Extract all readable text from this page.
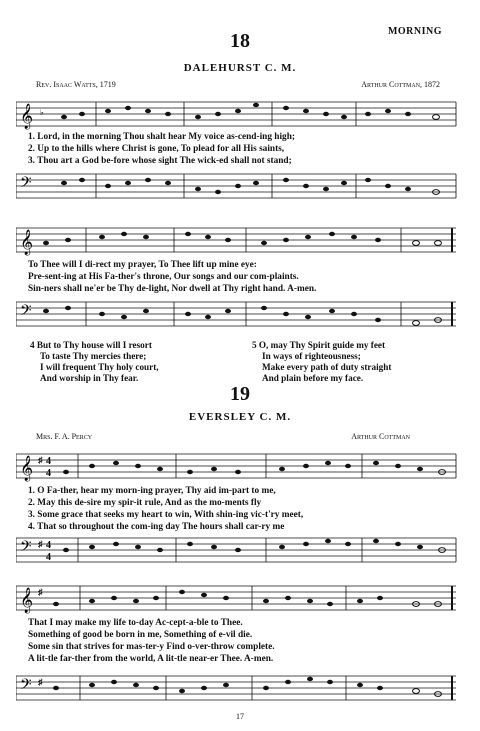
MORNING
18
DALEHURST C. M.
Rev. Isaac Watts, 1719	Arthur Cottman, 1872
𝄞 ♭
1. Lord, in the morning Thou shalt hear My voice as-cend-ing high;
2. Up to the hills where Christ is gone, To plead for all His saints,
3. Thou art a God be-fore whose sight The wick-ed shall not stand;
𝄢
𝄞
To Thee will I di-rect my prayer, To Thee lift up mine eye:
Pre-sent-ing at His Fa-ther's throne, Our songs and our com-plaints.
Sin-ners shall ne'er be Thy de-light, Nor dwell at Thy right hand. A-men.
𝄢
4 But to Thy house will I resort
To taste Thy mercies there;
I will frequent Thy holy court,
And worship in Thy fear.
5 O, may Thy Spirit guide my feet
In ways of righteousness;
Make every path of duty straight
And plain before my face.
19
EVERSLEY C. M.
Mrs. F. A. Percy	Arthur Cottman
𝄞 ♯ 4
4
1. O Fa-ther, hear my morn-ing prayer, Thy aid im-part to me,
2. May this de-sire my spir-it rule, And as the mo-ments fly
3. Some grace that seeks my heart to win, With shin-ing vic-t'ry meet,
4. That so throughout the com-ing day The hours shall car-ry me
𝄢 ♯ 4
4
𝄞 ♯
That I may make my life to-day Ac-cept-a-ble to Thee.
Something of good be born in me, Something of e-vil die.
Some sin that strives for mas-ter-y Find o-ver-throw complete.
A lit-tle far-ther from the world, A lit-tle near-er Thee. A-men.
𝄢 ♯
17
